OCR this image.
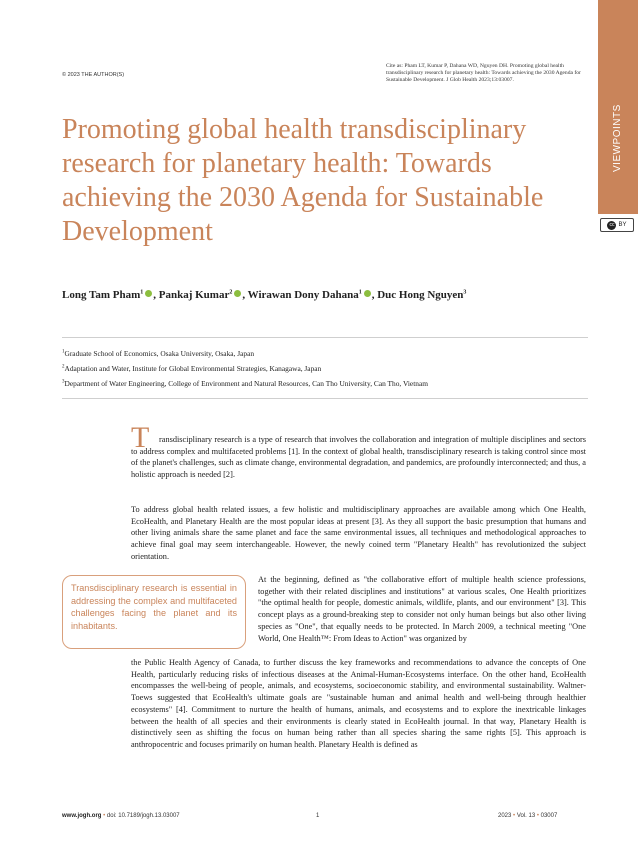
VIEWPOINTS
cc BY
© 2023 THE AUTHOR(S)
Cite as: Pham LT, Kumar P, Dahana WD, Nguyen DH. Promoting global health transdisciplinary research for planetary health: Towards achieving the 2030 Agenda for Sustainable Development. J Glob Health 2023;13:03007.
Promoting global health transdisciplinary research for planetary health: Towards achieving the 2030 Agenda for Sustainable Development
Long Tam Pham$^1$ , Pankaj Kumar$^2$ , Wirawan Dony Dahana$^1$ , Duc Hong Nguyen$^3$
$^1$Graduate School of Economics, Osaka University, Osaka, Japan
$^2$Adaptation and Water, Institute for Global Environmental Strategies, Kanagawa, Japan
$^3$Department of Water Engineering, College of Environment and Natural Resources, Can Tho University, Can Tho, Vietnam
T	ransdisciplinary research is a type of research that involves the collaboration and integration of multiple disciplines and sectors to address complex and multifaceted problems [1]. In the context of global health, transdisciplinary research is taking control since most of the planet's challenges, such as climate change, environmental degradation, and pandemics, are profoundly interconnected; and thus, a holistic approach is needed [2].

To address global health related issues, a few holistic and multidisciplinary approaches are available among which One Health, EcoHealth, and Planetary Health are the most popular ideas at present [3]. As they all support the basic presumption that humans and other living animals share the same planet and face the same environmental issues, all techniques and methodological approaches to achieve final goal may seem interchangeable. However, the newly coined term "Planetary Health" has revolutionized the subject orientation.

Transdisciplinary research is essential in addressing the complex and multifaceted challenges facing the planet and its inhabitants.

At the beginning, defined as "the collaborative effort of multiple health science professions, together with their related disciplines and institutions" at various scales, One Health prioritizes "the optimal health for people, domestic animals, wildlife, plants, and our environment" [3]. This concept plays as a ground-breaking step to consider not only human beings but also other living species as "One", that equally needs to be protected. In March 2009, a technical meeting "One World, One Health™: From Ideas to Action" was organized by

the Public Health Agency of Canada, to further discuss the key frameworks and recommendations to advance the concepts of One Health, particularly reducing risks of infectious diseases at the Animal-Human-Ecosystems interface. On the other hand, EcoHealth encompasses the well-being of people, animals, and ecosystems, socioeconomic stability, and environmental sustainability. Waltner-Toews suggested that EcoHealth's ultimate goals are "sustainable human and animal health and well-being through healthier ecosystems" [4]. Commitment to nurture the health of humans, animals, and ecosystems and to explore the inextricable linkages between the health of all species and their environments is clearly stated in EcoHealth journal. In that way, Planetary Health is distinctively seen as shifting the focus on human being rather than all species sharing the same rights [5]. This approach is anthropocentric and focuses primarily on human health. Planetary Health is defined as

www.jogh.org • doi: 10.7189/jogh.13.03007	1	2023 • Vol. 13 • 03007
